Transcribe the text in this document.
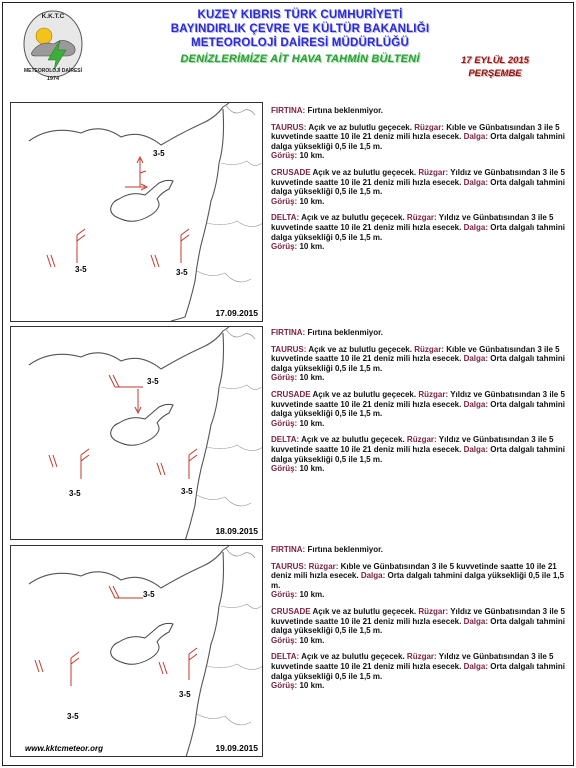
K.K.T.C
METEOROLOJİ DAİRESİ
1974
KUZEY KIBRIS TÜRK CUMHURİYETİ
BAYINDIRLIK ÇEVRE VE KÜLTÜR BAKANLIĞI
METEOROLOJİ DAİRESİ MÜDÜRLÜĞÜ
DENİZLERİMİZE AİT HAVA TAHMİN BÜLTENİ	17 EYLÜL 2015
PERŞEMBE
3-5
3-5	3-5
17.09.2015
3-5
3-5	3-5
18.09.2015
3-5
3-5
3-5
www.kktcmeteor.org	19.09.2015

FIRTINA: Fırtına beklenmiyor.

TAURUS: Açık ve az bulutlu geçecek. Rüzgar: Kıble ve Günbatısından 3 ile 5 kuvvetinde saatte 10 ile 21 deniz mili hızla esecek. Dalga: Orta dalgalı tahmini dalga yüksekliği 0,5 ile 1,5 m.
Görüş: 10 km.

CRUSADE Açık ve az bulutlu geçecek. Rüzgar: Yıldız ve Günbatısından 3 ile 5 kuvvetinde saatte 10 ile 21 deniz mili hızla esecek. Dalga: Orta dalgalı tahmini dalga yüksekliği 0,5 ile 1,5 m.
Görüş: 10 km.

DELTA: Açık ve az bulutlu geçecek. Rüzgar: Yıldız ve Günbatısından 3 ile 5 kuvvetinde saatte 10 ile 21 deniz mili hızla esecek. Dalga: Orta dalgalı tahmini dalga yüksekliği 0,5 ile 1,5 m.
Görüş: 10 km.

FIRTINA: Fırtına beklenmiyor.

TAURUS: Açık ve az bulutlu geçecek. Rüzgar: Kıble ve Günbatısından 3 ile 5 kuvvetinde saatte 10 ile 21 deniz mili hızla esecek. Dalga: Orta dalgalı tahmini dalga yüksekliği 0,5 ile 1,5 m.
Görüş: 10 km.

CRUSADE Açık ve az bulutlu geçecek. Rüzgar: Yıldız ve Günbatısından 3 ile 5 kuvvetinde saatte 10 ile 21 deniz mili hızla esecek. Dalga: Orta dalgalı tahmini dalga yüksekliği 0,5 ile 1,5 m.
Görüş: 10 km.

DELTA: Açık ve az bulutlu geçecek. Rüzgar: Yıldız ve Günbatısından 3 ile 5 kuvvetinde saatte 10 ile 21 deniz mili hızla esecek. Dalga: Orta dalgalı tahmini dalga yüksekliği 0,5 ile 1,5 m.
Görüş: 10 km.

FIRTINA: Fırtına beklenmiyor.

TAURUS: Rüzgar: Kıble ve Günbatısından 3 ile 5 kuvvetinde saatte 10 ile 21 deniz mili hızla esecek. Dalga: Orta dalgalı tahmini dalga yüksekliği 0,5 ile 1,5 m.
Görüş: 10 km.

CRUSADE Açık ve az bulutlu geçecek. Rüzgar: Yıldız ve Günbatısından 3 ile 5 kuvvetinde saatte 10 ile 21 deniz mili hızla esecek. Dalga: Orta dalgalı tahmini dalga yüksekliği 0,5 ile 1,5 m.
Görüş: 10 km.

DELTA: Açık ve az bulutlu geçecek. Rüzgar: Yıldız ve Günbatısından 3 ile 5 kuvvetinde saatte 10 ile 21 deniz mili hızla esecek. Dalga: Orta dalgalı tahmini dalga yüksekliği 0,5 ile 1,5 m.
Görüş: 10 km.
